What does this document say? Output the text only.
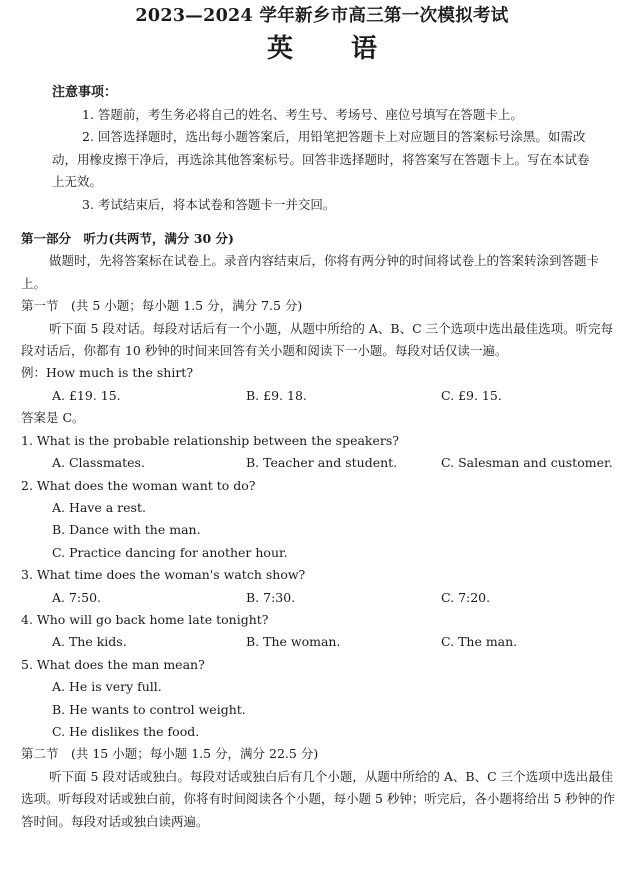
2023—2024 学年新乡市高三第一次模拟考试
英 语
注意事项：
1. 答题前，考生务必将自己的姓名、考生号、考场号、座位号填写在答题卡上。
2. 回答选择题时，选出每小题答案后，用铅笔把答题卡上对应题目的答案标号涂黑。如需改动，用橡皮擦干净后，再选涂其他答案标号。回答非选择题时，将答案写在答题卡上。写在本试卷上无效。
3. 考试结束后，将本试卷和答题卡一并交回。
第一部分　听力(共两节，满分 30 分)
做题时，先将答案标在试卷上。录音内容结束后，你将有两分钟的时间将试卷上的答案转涂到答题卡上。
第一节　(共 5 小题；每小题 1.5 分，满分 7.5 分)
听下面 5 段对话。每段对话后有一个小题，从题中所给的 A、B、C 三个选项中选出最佳选项。听完每段对话后，你都有 10 秒钟的时间来回答有关小题和阅读下一小题。每段对话仅读一遍。
例：How much is the shirt?
A. £19. 15.	B. £9. 18.	C. £9. 15.
答案是 C。
1. What is the probable relationship between the speakers?
A. Classmates.	B. Teacher and student.	C. Salesman and customer.
2. What does the woman want to do?
A. Have a rest.
B. Dance with the man.
C. Practice dancing for another hour.
3. What time does the woman's watch show?
A. 7:50.	B. 7:30.	C. 7:20.
4. Who will go back home late tonight?
A. The kids.	B. The woman.	C. The man.
5. What does the man mean?
A. He is very full.
B. He wants to control weight.
C. He dislikes the food.
第二节　(共 15 小题；每小题 1.5 分，满分 22.5 分)
听下面 5 段对话或独白。每段对话或独白后有几个小题，从题中所给的 A、B、C 三个选项中选出最佳选项。听每段对话或独白前，你将有时间阅读各个小题，每小题 5 秒钟；听完后，各小题将给出 5 秒钟的作答时间。每段对话或独白读两遍。
